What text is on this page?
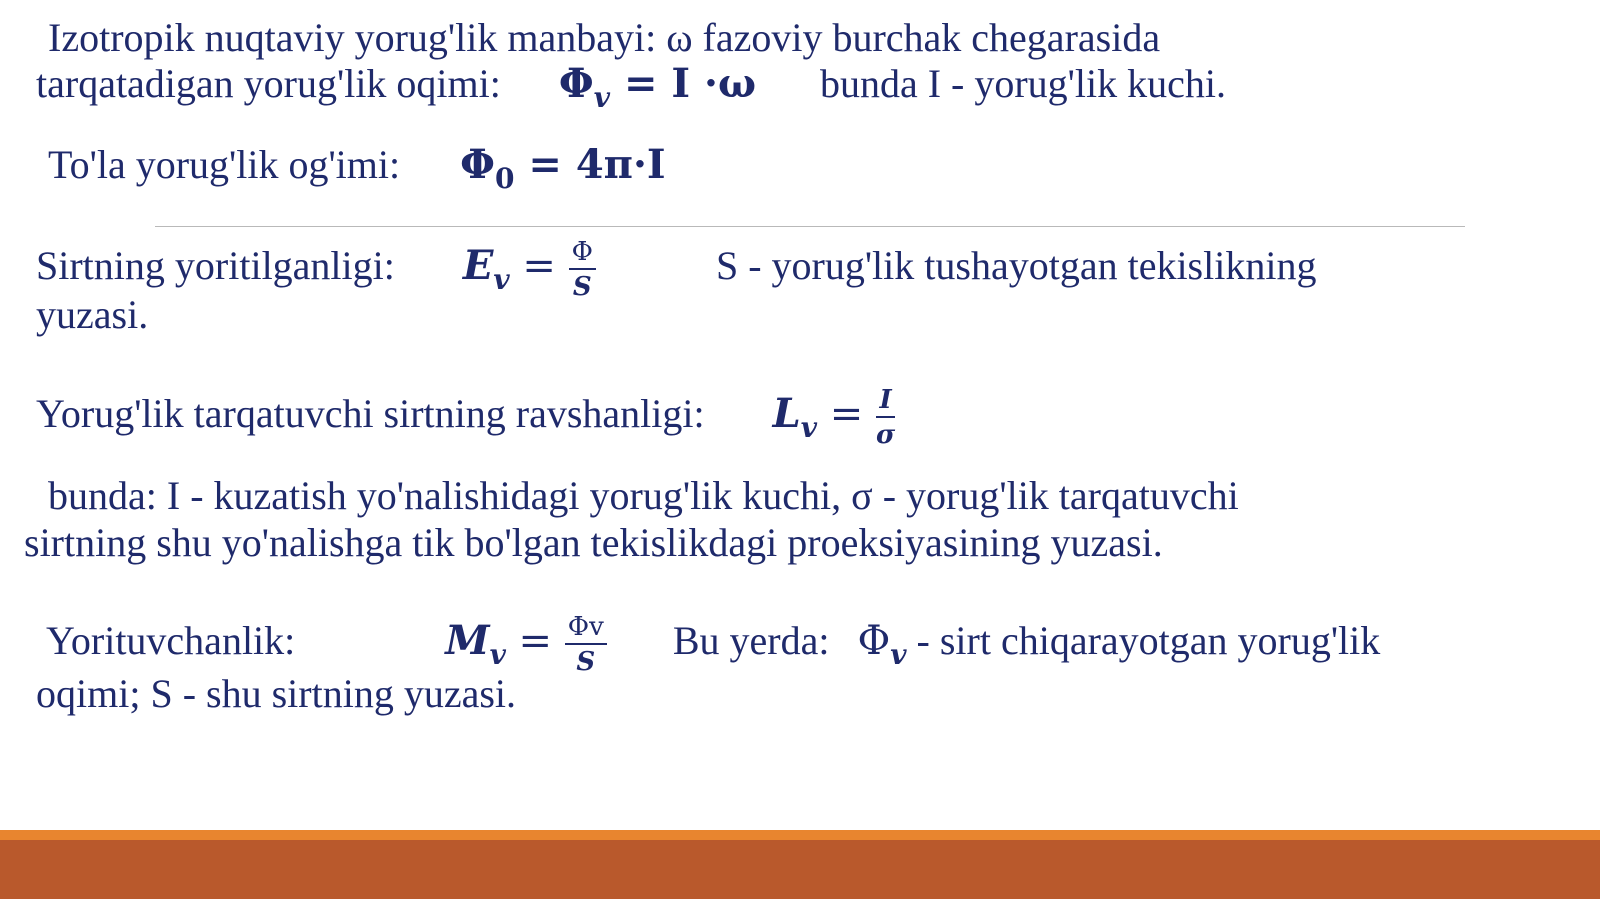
Izotropik nuqtaviy yorug'lik manbayi: ω fazoviy burchak chegarasida
tarqatadigan yorug'lik oqimi: $\Phi_v = I \cdot\omega$ bunda I - yorug'lik kuchi.
To'la yorug'lik og'imi: $\Phi_0 = 4\pi\cdot I$
Sirtning yoritilganligi: $E_v = \frac{\Phi}{S}$	S - yorug'lik tushayotgan tekislikning
yuzasi.
Yorug'lik tarqatuvchi sirtning ravshanligi: $L_v = \frac{I}{\sigma}$
bunda: I - kuzatish yo'nalishidagi yorug'lik kuchi, σ - yorug'lik tarqatuvchi
sirtning shu yo'nalishga tik bo'lgan tekislikdagi proeksiyasining yuzasi.
Yorituvchanlik:	$M_v = \frac{\Phi v}{S}$ Bu yerda: $\Phi_v$ - sirt chiqarayotgan yorug'lik
oqimi; S - shu sirtning yuzasi.
